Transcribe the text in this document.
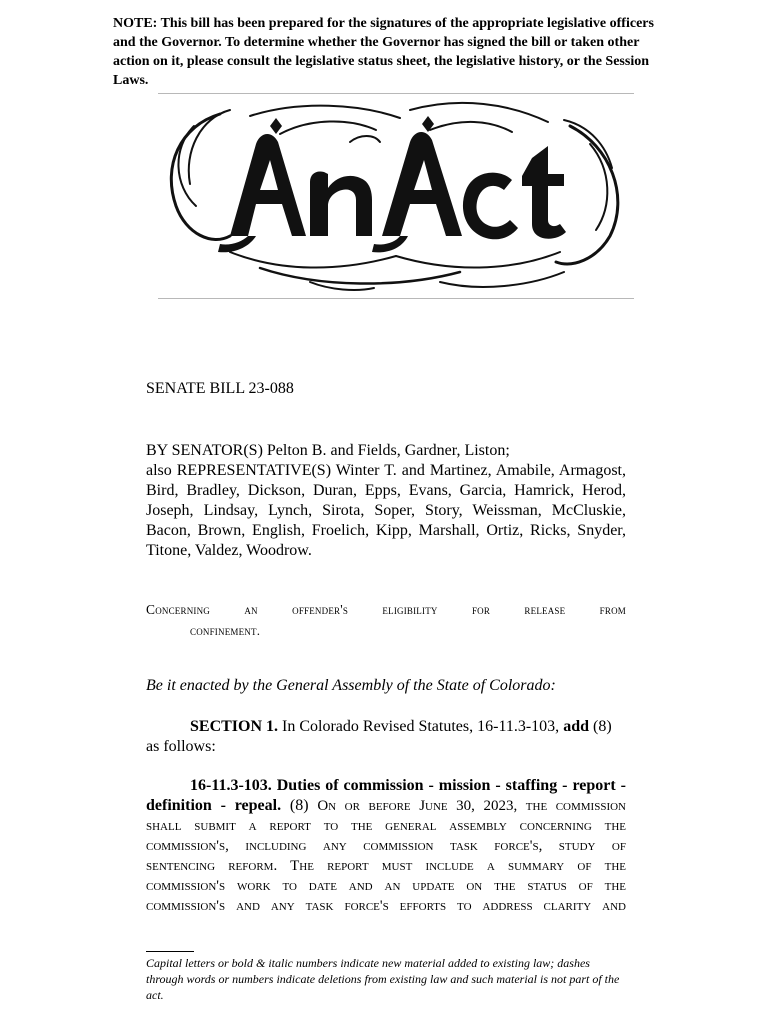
NOTE: This bill has been prepared for the signatures of the appropriate legislative officers and the Governor. To determine whether the Governor has signed the bill or taken other action on it, please consult the legislative status sheet, the legislative history, or the Session Laws.
SENATE BILL 23-088
BY SENATOR(S) Pelton B. and Fields, Gardner, Liston;
also REPRESENTATIVE(S) Winter T. and Martinez, Amabile, Armagost,
Bird, Bradley, Dickson, Duran, Epps, Evans, Garcia, Hamrick, Herod,
Joseph, Lindsay, Lynch, Sirota, Soper, Story, Weissman, McCluskie,
Bacon, Brown, English, Froelich, Kipp, Marshall, Ortiz, Ricks, Snyder,
Titone, Valdez, Woodrow.
Concerning an offender's eligibility for release from
confinement.
Be it enacted by the General Assembly of the State of Colorado:
SECTION 1. In Colorado Revised Statutes, 16-11.3-103, add (8)
as follows:
16-11.3-103. Duties of commission - mission - staffing - report -
definition - repeal. (8) On or before June 30, 2023, the commission
shall submit a report to the general assembly concerning the
commission's, including any commission task force's, study of
sentencing reform. The report must include a summary of the
commission's work to date and an update on the status of the
commission's and any task force's efforts to address clarity and
Capital letters or bold & italic numbers indicate new material added to existing law; dashes through words or numbers indicate deletions from existing law and such material is not part of the act.
